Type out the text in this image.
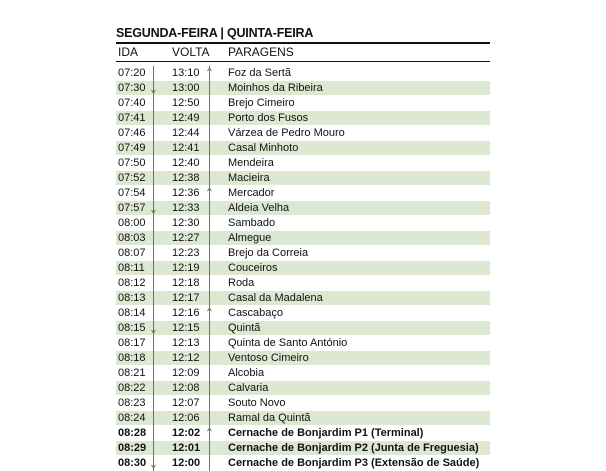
SEGUNDA-FEIRA | QUINTA-FEIRA
IDA	VOLTA PARAGENS
07:20 13:10	Foz da Sertã
07:30 13:00	Moinhos da Ribeira
07:40 12:50	Brejo Cimeiro
07:41 12:49	Porto dos Fusos
07:46 12:44	Várzea de Pedro Mouro
07:49 12:41	Casal Minhoto
07:50 12:40	Mendeira
07:52 12:38	Macieira
07:54 12:36	Mercador
07:57 12:33	Aldeia Velha
08:00 12:30	Sambado
08:03 12:27	Almegue
08:07 12:23	Brejo da Correia
08:11 12:19	Couceiros
08:12 12:18	Roda
08:13 12:17	Casal da Madalena
08:14 12:16	Cascabaço
08:15 12:15	Quintã
08:17 12:13	Quinta de Santo António
08:18 12:12	Ventoso Cimeiro
08:21 12:09	Alcobia
08:22 12:08	Calvaria
08:23 12:07	Souto Novo
08:24 12:06	Ramal da Quintã
08:28 12:02	Cernache de Bonjardim P1 (Terminal)
08:29 12:01	Cernache de Bonjardim P2 (Junta de Freguesia)
08:30 12:00	Cernache de Bonjardim P3 (Extensão de Saúde)
